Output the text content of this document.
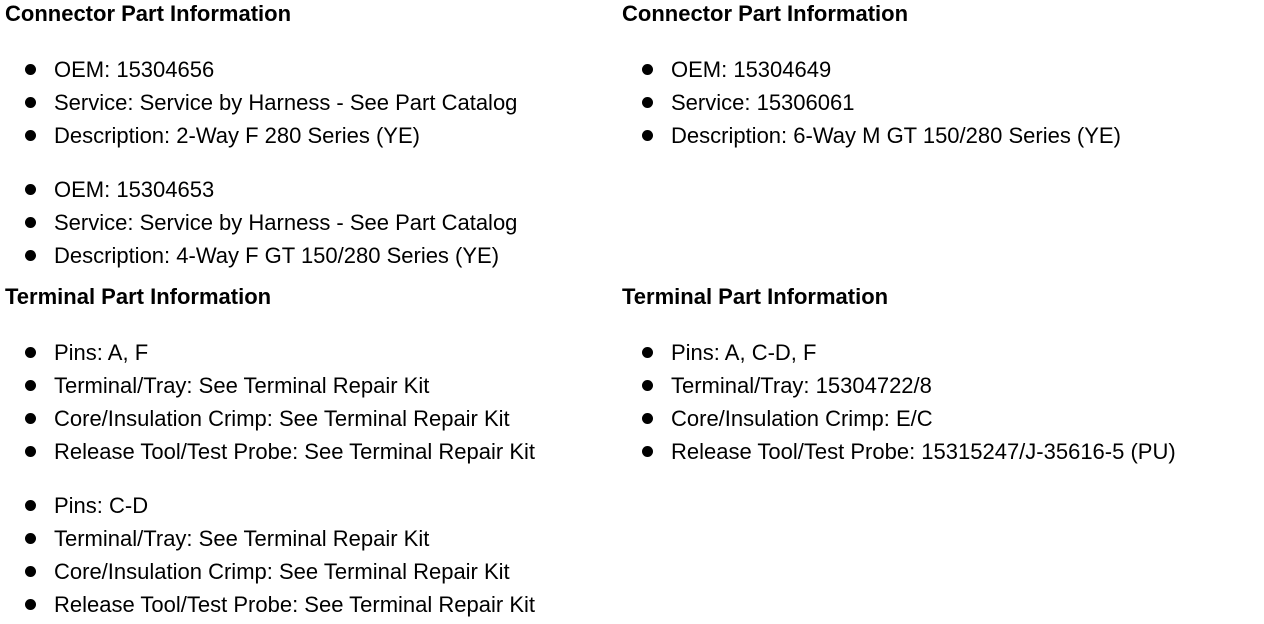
Connector Part Information
OEM: 15304656
Service: Service by Harness - See Part Catalog
Description: 2-Way F 280 Series (YE)
OEM: 15304653
Service: Service by Harness - See Part Catalog
Description: 4-Way F GT 150/280 Series (YE)
Terminal Part Information
Pins: A, F
Terminal/Tray: See Terminal Repair Kit
Core/Insulation Crimp: See Terminal Repair Kit
Release Tool/Test Probe: See Terminal Repair Kit
Pins: C-D
Terminal/Tray: See Terminal Repair Kit
Core/Insulation Crimp: See Terminal Repair Kit
Release Tool/Test Probe: See Terminal Repair Kit
Connector Part Information
OEM: 15304649
Service: 15306061
Description: 6-Way M GT 150/280 Series (YE)
Terminal Part Information
Pins: A, C-D, F
Terminal/Tray: 15304722/8
Core/Insulation Crimp: E/C
Release Tool/Test Probe: 15315247/J-35616-5 (PU)
